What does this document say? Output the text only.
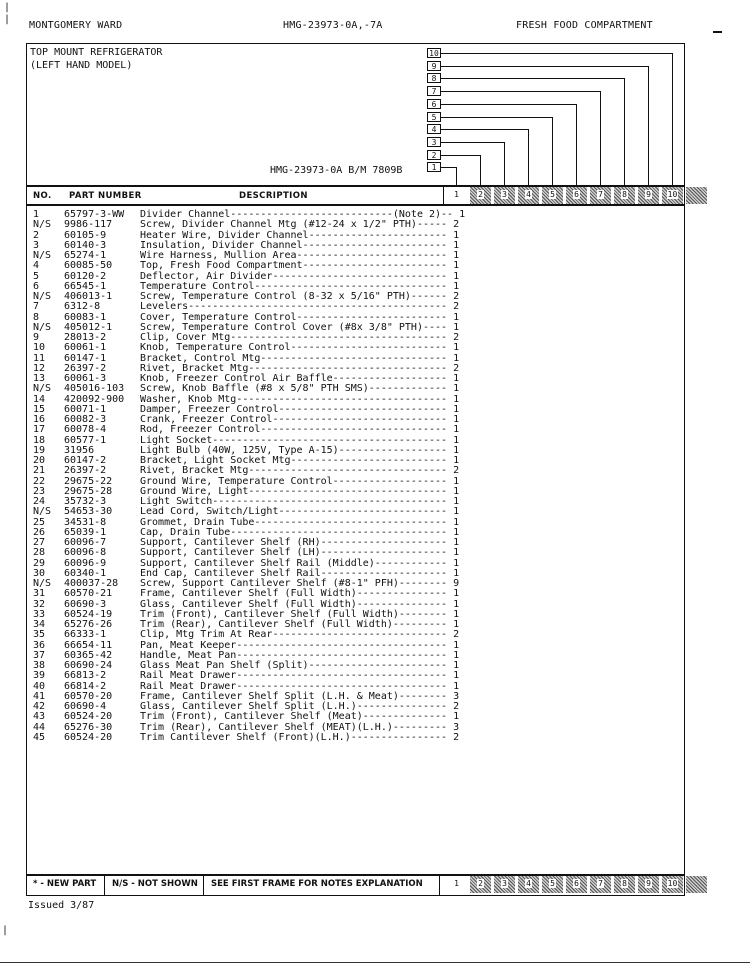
|
|
MONTGOMERY WARD	HMG-23973-0A,-7A	FRESH FOOD COMPARTMENT
TOP MOUNT REFRIGERATOR
(LEFT HAND MODEL)
HMG-23973-0A B/M 7809B
10
9
8
7
6
5
4
3
2
1
NO. PART NUMBER	DESCRIPTION	1	2	3	4	5	6	7	8	9	10
1 65797-3-WW Divider Channel---------------------------(Note 2)-- 1
N/S 9986-117	Screw, Divider Channel Mtg (#12-24 x 1/2" PTH)----- 2
2 60105-9	Heater Wire, Divider Channel----------------------- 1
3 60140-3	Insulation, Divider Channel------------------------ 1
N/S 65274-1	Wire Harness, Mullion Area------------------------- 1
4 60085-50	Top, Fresh Food Compartment------------------------ 1
5 60120-2	Deflector, Air Divider----------------------------- 1
6 66545-1	Temperature Control-------------------------------- 1
N/S 406013-1	Screw, Temperature Control (8-32 x 5/16" PTH)------ 2
7 6312-8	Levelers------------------------------------------- 2
8 60083-1	Cover, Temperature Control------------------------- 1
N/S 405012-1	Screw, Temperature Control Cover (#8x 3/8" PTH)---- 1
9 28013-2	Clip, Cover Mtg------------------------------------ 2
10 60061-1	Knob, Temperature Control-------------------------- 1
11 60147-1	Bracket, Control Mtg------------------------------- 1
12 26397-2	Rivet, Bracket Mtg--------------------------------- 2
13 60061-3	Knob, Freezer Control Air Baffle------------------- 1
N/S 405016-103 Screw, Knob Baffle (#8 x 5/8" PTH SMS)------------- 1
14 420092-900 Washer, Knob Mtg----------------------------------- 1
15 60071-1	Damper, Freezer Control---------------------------- 1
16 60082-3	Crank, Freezer Control----------------------------- 1
17 60078-4	Rod, Freezer Control------------------------------- 1
18 60577-1	Light Socket--------------------------------------- 1
19 31956	Light Bulb (40W, 125V, Type A-15)------------------ 1
20 60147-2	Bracket, Light Socket Mtg-------------------------- 1
21 26397-2	Rivet, Bracket Mtg--------------------------------- 2
22 29675-22	Ground Wire, Temperature Control------------------- 1
23 29675-28	Ground Wire, Light--------------------------------- 1
24 35732-3	Light Switch--------------------------------------- 1
N/S 54653-30	Lead Cord, Switch/Light---------------------------- 1
25 34531-8	Grommet, Drain Tube-------------------------------- 1
26 65039-1	Cap, Drain Tube------------------------------------ 1
27 60096-7	Support, Cantilever Shelf (RH)--------------------- 1
28 60096-8	Support, Cantilever Shelf (LH)--------------------- 1
29 60096-9	Support, Cantilever Shelf Rail (Middle)------------ 1
30 60340-1	End Cap, Cantilever Shelf Rail--------------------- 1
N/S 400037-28 Screw, Support Cantilever Shelf (#8-1" PFH)-------- 9
31 60570-21	Frame, Cantilever Shelf (Full Width)--------------- 1
32 60690-3	Glass, Cantilever Shelf (Full Width)--------------- 1
33 60524-19	Trim (Front), Cantilever Shelf (Full Width)-------- 1
34 65276-26	Trim (Rear), Cantilever Shelf (Full Width)--------- 1
35 66333-1	Clip, Mtg Trim At Rear----------------------------- 2
36 66654-11	Pan, Meat Keeper----------------------------------- 1
37 60365-42	Handle, Meat Pan----------------------------------- 1
38 60690-24	Glass Meat Pan Shelf (Split)----------------------- 1
39 66813-2	Rail Meat Drawer----------------------------------- 1
40 66814-2	Rail Meat Drawer----------------------------------- 1
41 60570-20	Frame, Cantilever Shelf Split (L.H. & Meat)-------- 3
42 60690-4	Glass, Cantilever Shelf Split (L.H.)--------------- 2
43 60524-20	Trim (Front), Cantilever Shelf (Meat)-------------- 1
44 65276-30	Trim (Rear), Cantilever Shelf (MEAT)(L.H.)--------- 3
45 60524-20	Trim Cantilever Shelf (Front)(L.H.)---------------- 2
* - NEW PART N/S - NOT SHOWN SEE FIRST FRAME FOR NOTES EXPLANATION	1	2	3	4	5	6	7	8	9	10
Issued 3/87
|
